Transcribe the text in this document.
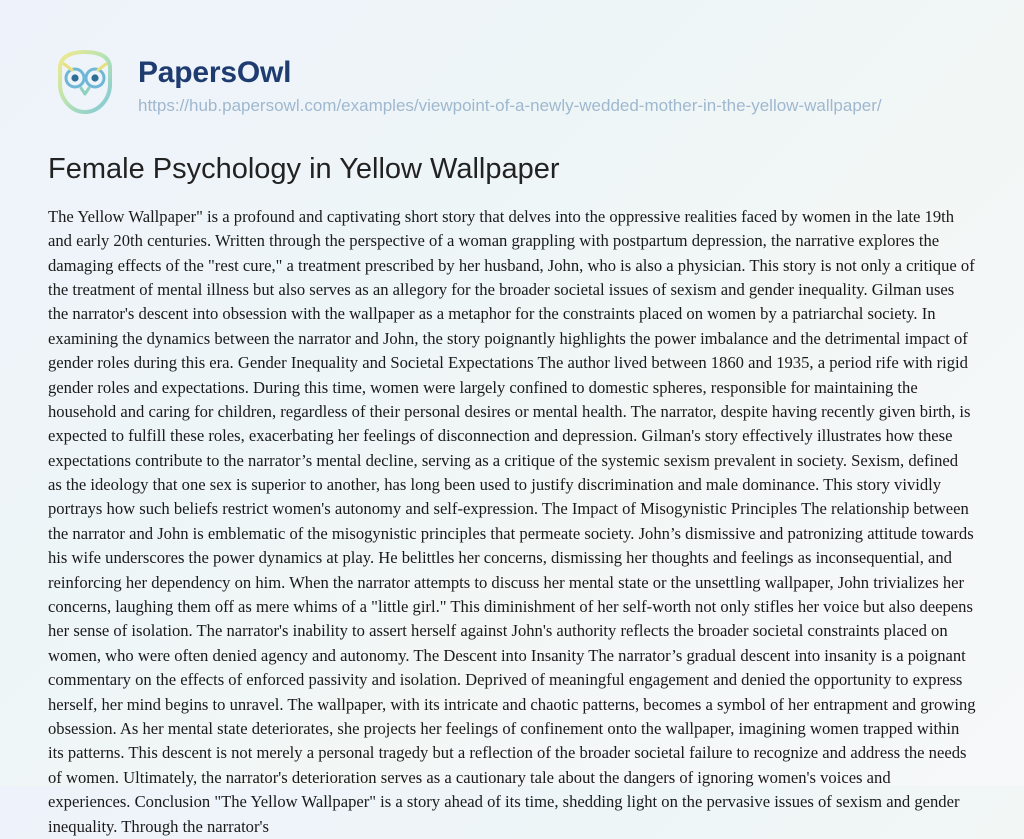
PapersOwl
https://hub.papersowl.com/examples/viewpoint-of-a-newly-wedded-mother-in-the-yellow-wallpaper/
Female Psychology in Yellow Wallpaper
The Yellow Wallpaper" is a profound and captivating short story that delves into the oppressive realities faced by women in the late 19th and early 20th centuries. Written through the perspective of a woman grappling with postpartum depression, the narrative explores the damaging effects of the "rest cure," a treatment prescribed by her husband, John, who is also a physician. This story is not only a critique of the treatment of mental illness but also serves as an allegory for the broader societal issues of sexism and gender inequality. Gilman uses the narrator's descent into obsession with the wallpaper as a metaphor for the constraints placed on women by a patriarchal society. In examining the dynamics between the narrator and John, the story poignantly highlights the power imbalance and the detrimental impact of gender roles during this era. Gender Inequality and Societal Expectations The author lived between 1860 and 1935, a period rife with rigid gender roles and expectations. During this time, women were largely confined to domestic spheres, responsible for maintaining the household and caring for children, regardless of their personal desires or mental health. The narrator, despite having recently given birth, is expected to fulfill these roles, exacerbating her feelings of disconnection and depression. Gilman's story effectively illustrates how these expectations contribute to the narrator’s mental decline, serving as a critique of the systemic sexism prevalent in society. Sexism, defined as the ideology that one sex is superior to another, has long been used to justify discrimination and male dominance. This story vividly portrays how such beliefs restrict women's autonomy and self-expression. The Impact of Misogynistic Principles The relationship between the narrator and John is emblematic of the misogynistic principles that permeate society. John’s dismissive and patronizing attitude towards his wife underscores the power dynamics at play. He belittles her concerns, dismissing her thoughts and feelings as inconsequential, and reinforcing her dependency on him. When the narrator attempts to discuss her mental state or the unsettling wallpaper, John trivializes her concerns, laughing them off as mere whims of a "little girl." This diminishment of her self-worth not only stifles her voice but also deepens her sense of isolation. The narrator's inability to assert herself against John's authority reflects the broader societal constraints placed on women, who were often denied agency and autonomy. The Descent into Insanity The narrator’s gradual descent into insanity is a poignant commentary on the effects of enforced passivity and isolation. Deprived of meaningful engagement and denied the opportunity to express herself, her mind begins to unravel. The wallpaper, with its intricate and chaotic patterns, becomes a symbol of her entrapment and growing obsession. As her mental state deteriorates, she projects her feelings of confinement onto the wallpaper, imagining women trapped within its patterns. This descent is not merely a personal tragedy but a reflection of the broader societal failure to recognize and address the needs of women. Ultimately, the narrator's deterioration serves as a cautionary tale about the dangers of ignoring women's voices and experiences. Conclusion "The Yellow Wallpaper" is a story ahead of its time, shedding light on the pervasive issues of sexism and gender inequality. Through the narrator's
